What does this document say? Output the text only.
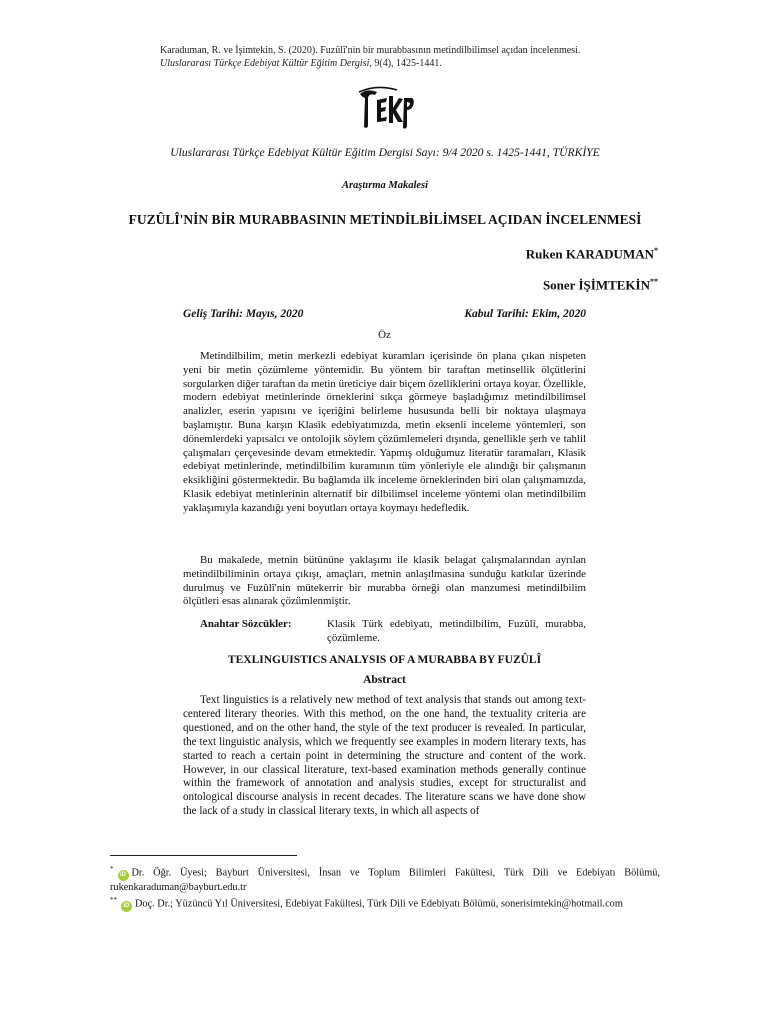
Karaduman, R. ve İşimtekin, S. (2020). Fuzûlî'nin bir murabbasının metindilbilimsel açıdan incelenmesi.
Uluslararası Türkçe Edebiyat Kültür Eğitim Dergisi, 9(4), 1425-1441.
Uluslararası Türkçe Edebiyat Kültür Eğitim Dergisi Sayı: 9/4 2020 s. 1425-1441, TÜRKİYE
Araştırma Makalesi
FUZÛLÎ'NİN BİR MURABBASININ METİNDİLBİLİMSEL AÇIDAN İNCELENMESİ
Ruken KARADUMAN*
Soner İŞİMTEKİN**
Geliş Tarihi: Mayıs, 2020	Kabul Tarihi: Ekim, 2020
Öz

Metindilbilim, metin merkezli edebiyat kuramları içerisinde ön plana çıkan nispeten yeni bir metin çözümleme yöntemidir. Bu yöntem bir taraftan metinsellik ölçütlerini sorgularken diğer taraftan da metin üreticiye dair biçem özelliklerini ortaya koyar. Özellikle, modern edebiyat metinlerinde örneklerini sıkça görmeye başladığımız metindilbilimsel analizler, eserin yapısını ve içeriğini belirleme hususunda belli bir noktaya ulaşmaya başlamıştır. Buna karşın Klasik edebiyatımızda, metin eksenli inceleme yöntemleri, son dönemlerdeki yapısalcı ve ontolojik söylem çözümlemeleri dışında, genellikle şerh ve tahlil çalışmaları çerçevesinde devam etmektedir. Yapmış olduğumuz literatür taramaları, Klasik edebiyat metinlerinde, metindilbilim kuramının tüm yönleriyle ele alındığı bir çalışmanın eksikliğini göstermektedir. Bu bağlamda ilk inceleme örneklerinden biri olan çalışmamızda, Klasik edebiyat metinlerinin alternatif bir dilbilimsel inceleme yöntemi olan metindilbilim yaklaşımıyla kazandığı yeni boyutları ortaya koymayı hedefledik.

Bu makalede, metnin bütününe yaklaşımı ile klasik belagat çalışmalarından ayrılan metindilbiliminin ortaya çıkışı, amaçları, metnin anlaşılmasına sunduğu katkılar üzerinde durulmuş ve Fuzûlî'nin mütekerrir bir murabba örneği olan manzumesi metindilbilim ölçütleri esas alınarak çözümlenmiştir.

Anahtar Sözcükler:	Klasik Türk edebiyatı, metindilbilim, Fuzûlî, murabba, çözümleme.
TEXLINGUISTICS ANALYSIS OF A MURABBA BY FUZÛLÎ
Abstract

Text linguistics is a relatively new method of text analysis that stands out among text-centered literary theories. With this method, on the one hand, the textuality criteria are questioned, and on the other hand, the style of the text producer is revealed. In particular, the text linguistic analysis, which we frequently see examples in modern literary texts, has started to reach a certain point in determining the structure and content of the work. However, in our classical literature, text-based examination methods generally continue within the framework of annotation and analysis studies, except for structuralist and ontological discourse analysis in recent decades. The literature scans we have done show the lack of a study in classical literary texts, in which all aspects of

*iD Dr. Öğr. Üyesi; Bayburt Üniversitesi, İnsan ve Toplum Bilimleri Fakültesi, Türk Dili ve Edebiyatı Bölümü, rukenkaraduman@bayburt.edu.tr
**iD Doç. Dr.; Yüzüncü Yıl Üniversitesi, Edebiyat Fakültesi, Türk Dili ve Edebiyatı Bölümü, sonerisimtekin@hotmail.com
